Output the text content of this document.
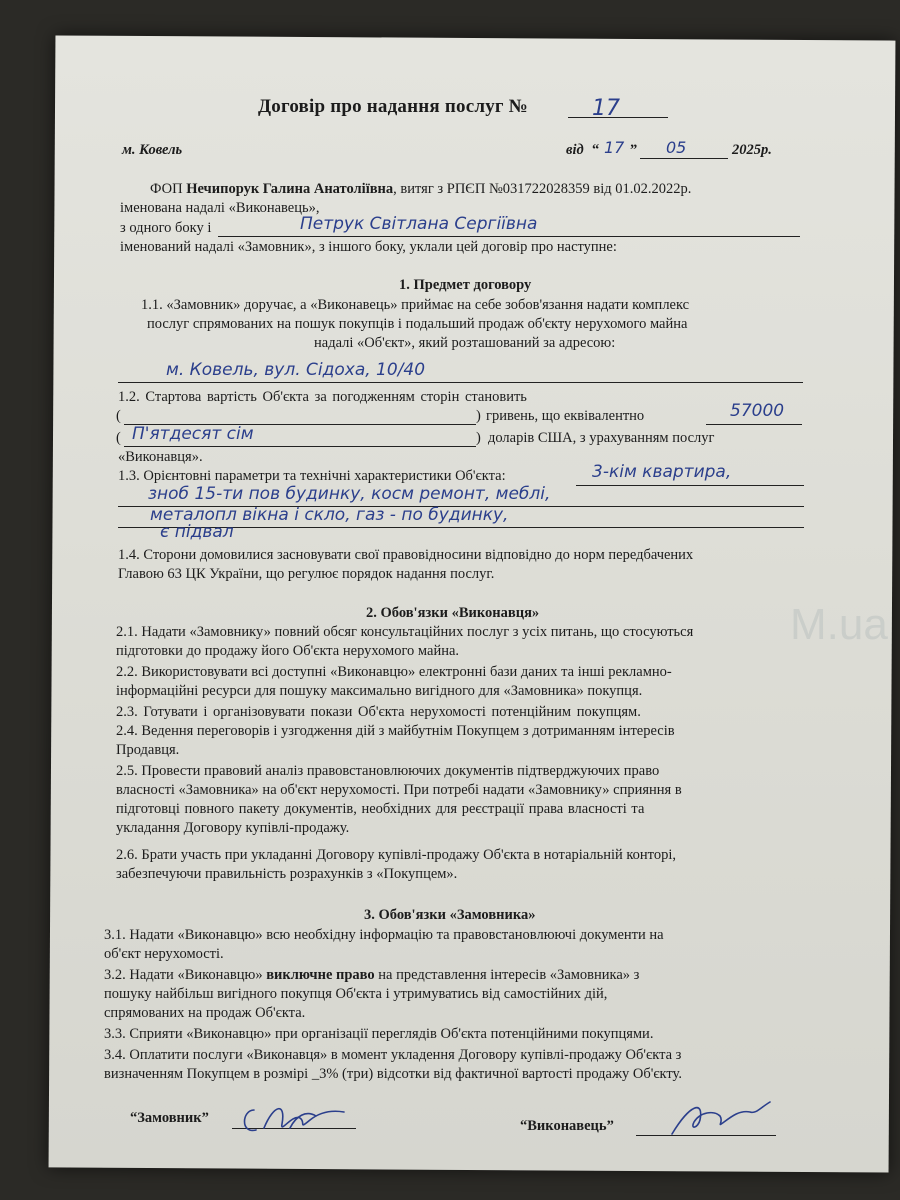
M.ua
Договір про надання послуг №	17
м. Ковель	від “ 17 ” 05	2025р.
ФОП Нечипорук Галина Анатоліївна, витяг з РПЄП №031722028359 від 01.02.2022р.
іменована надалі «Виконавець»,
з одного боку і	Петрук Світлана Сергіївна
іменований надалі «Замовник», з іншого боку, уклали цей договір про наступне:
1. Предмет договору
1.1. «Замовник» доручає, а «Виконавець» приймає на себе зобов'язання надати комплекс
послуг спрямованих на пошук покупців і подальший продаж об'єкту нерухомого майна
надалі «Об'єкт», який розташований за адресою:
м. Ковель, вул. Сідоха, 10/40
1.2. Стартова вартість Об'єкта за погодженням сторін становить
(	) гривень, що еквівалентно	57000
( П'ятдесят сім	) доларів США, з урахуванням послуг
«Виконавця».
1.3. Орієнтовні параметри та технічні характеристики Об'єкта:	3-кім квартира,
зноб 15-ти пов будинку, косм ремонт, меблі,
металопл вікна і скло, газ - по будинку,
є підвал
1.4. Сторони домовилися засновувати свої правовідносини відповідно до норм передбачених
Главою 63 ЦК України, що регулює порядок надання послуг.
2. Обов'язки «Виконавця»
2.1. Надати «Замовнику» повний обсяг консультаційних послуг з усіх питань, що стосуються
підготовки до продажу його Об'єкта нерухомого майна.
2.2. Використовувати всі доступні «Виконавцю» електронні бази даних та інші рекламно-
інформаційні ресурси для пошуку максимально вигідного для «Замовника» покупця.
2.3. Готувати і організовувати покази Об'єкта нерухомості потенційним покупцям.
2.4. Ведення переговорів і узгодження дій з майбутнім Покупцем з дотриманням інтересів
Продавця.
2.5. Провести правовий аналіз правовстановлюючих документів підтверджуючих право
власності «Замовника» на об'єкт нерухомості. При потребі надати «Замовнику» сприяння в
підготовці повного пакету документів, необхідних для реєстрації права власності та
укладання Договору купівлі-продажу.
2.6. Брати участь при укладанні Договору купівлі-продажу Об'єкта в нотаріальній конторі,
забезпечуючи правильність розрахунків з «Покупцем».
3. Обов'язки «Замовника»
3.1. Надати «Виконавцю» всю необхідну інформацію та правовстановлюючі документи на
об'єкт нерухомості.
3.2. Надати «Виконавцю» виключне право на представлення інтересів «Замовника» з
пошуку найбільш вигідного покупця Об'єкта і утримуватись від самостійних дій,
спрямованих на продаж Об'єкта.
3.3. Сприяти «Виконавцю» при організації переглядів Об'єкта потенційними покупцями.
3.4. Оплатити послуги «Виконавця» в момент укладення Договору купівлі-продажу Об'єкта з
визначенням Покупцем в розмірі _3% (три) відсотки від фактичної вартості продажу Об'єкту.
“Замовник”	“Виконавець”
